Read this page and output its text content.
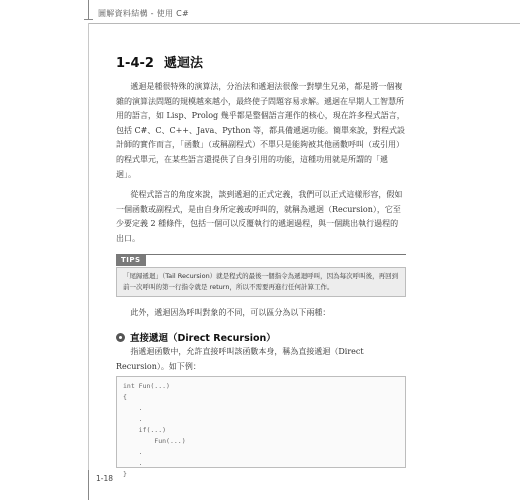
圖解資料結構 - 使用 C#
1-4-2 遞迴法

遞迴是種很特殊的演算法，分治法和遞迴法很像一對孿生兄弟，都是將一個複雜的演算法問題的規模越來越小，最終使子問題容易求解。遞迴在早期人工智慧所用的語言，如 Lisp、Prolog 幾乎都是整個語言運作的核心，現在許多程式語言，包括 C#、C、C++、Java、Python 等，都具備遞迴功能。簡單來說，對程式設計師的實作而言，「函數」（或稱副程式）不單只是能夠被其他函數呼叫（或引用）的程式單元，在某些語言還提供了自身引用的功能，這種功用就是所謂的「遞迴」。

從程式語言的角度來說，談到遞迴的正式定義，我們可以正式這樣形容，假如一個函數或副程式，是由自身所定義或呼叫的，就稱為遞迴（Recursion），它至少要定義 2 種條件，包括一個可以反覆執行的遞迴過程，與一個跳出執行過程的出口。

TIPS
「尾歸遞迴」（Tail Recursion）就是程式的最後一個指令為遞迴呼叫，因為每次呼叫後，再回到前一次呼叫的第一行指令就是 return，所以不需要再進行任何計算工作。

此外，遞迴因為呼叫對象的不同，可以區分為以下兩種：

直接遞迴（Direct Recursion）

指遞迴函數中，允許直接呼叫該函數本身，稱為直接遞迴（Direct Recursion）。如下例：

int Fun(...)
{
.
.
if(...)
Fun(...)
.
.
}
1-18
